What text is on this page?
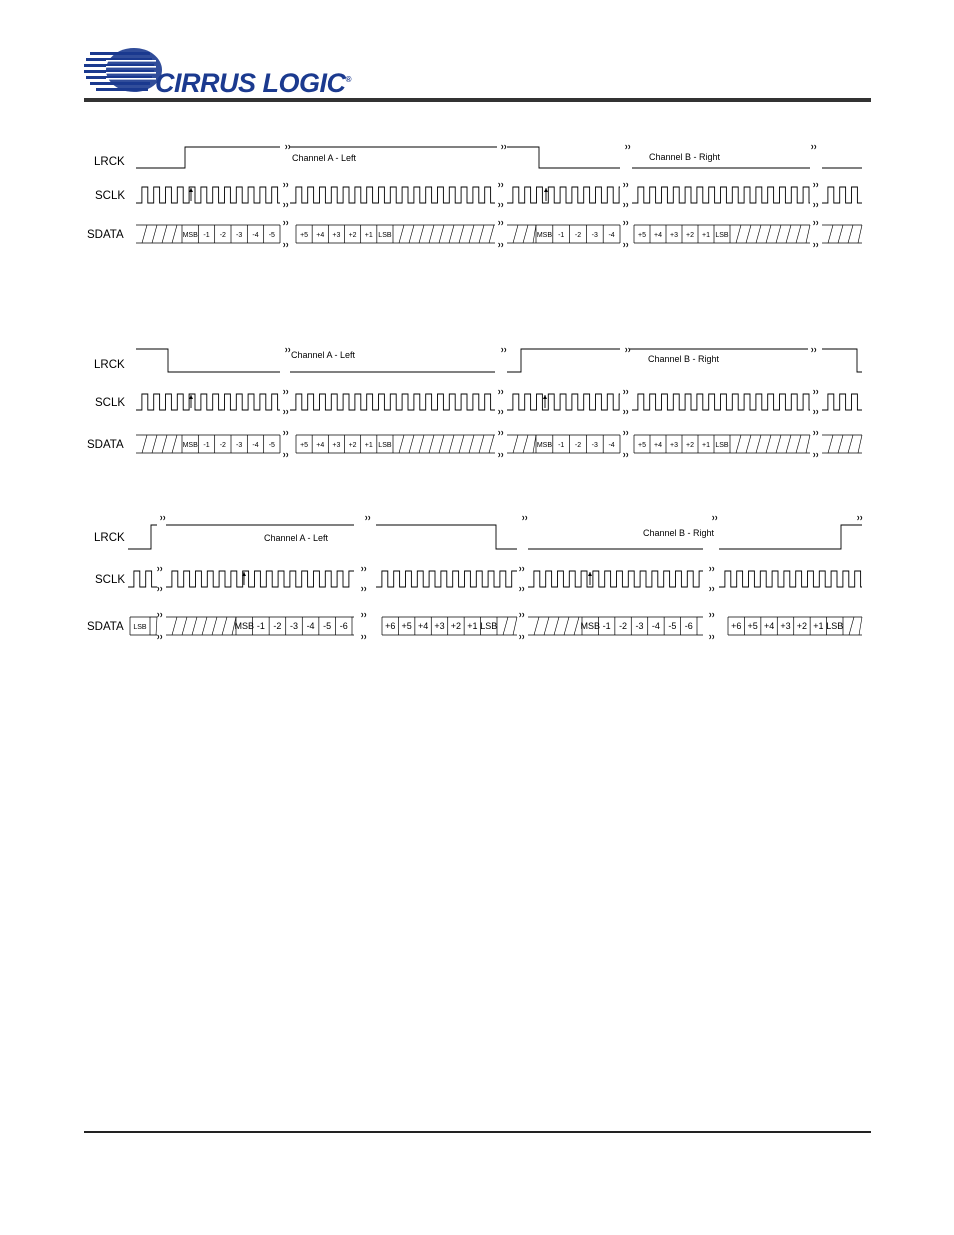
CIRRUS LOGIC®
LRCK
SCLK
SDATA
Channel A - Left	Channel B - Right
MSB -1 -2 -3 -4 -5	+5 +4 +3 +2 +1 LSB	MSB -1 -2 -3 -4	+5 +4 +3 +2 +1 LSB
LRCK
SCLK
SDATA
Channel A - Left	Channel B - Right
MSB -1 -2 -3 -4 -5	+5 +4 +3 +2 +1 LSB	MSB -1 -2 -3 -4	+5 +4 +3 +2 +1 LSB
LRCK
SCLK
SDATA
Channel A - Left	Channel B - Right
LSB	MSB -1 -2 -3 -4 -5 -6	+6 +5 +4 +3 +2 +1 LSB	MSB -1 -2 -3 -4 -5 -6	+6 +5 +4 +3 +2 +1 LSB
